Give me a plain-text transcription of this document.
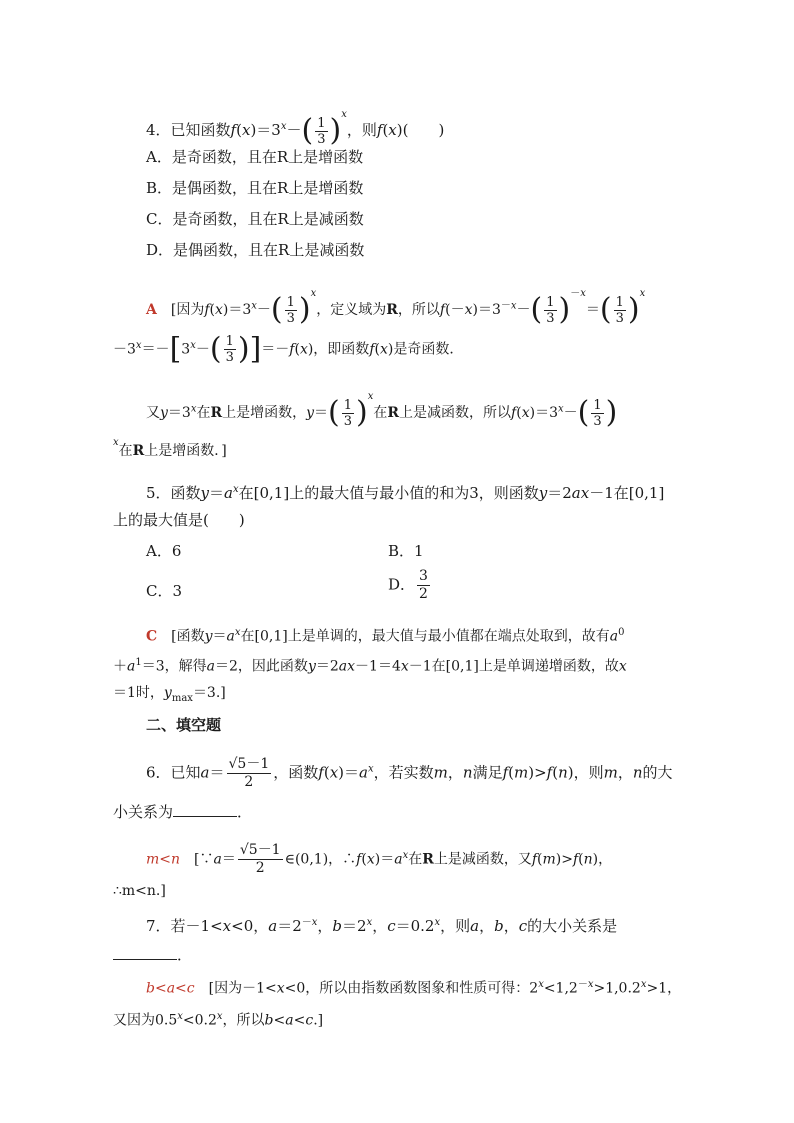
4．已知函数$f(x)=3^x-( \frac{1}{3} )^x$，则f(x)(　　)
A．是奇函数，且在R上是增函数
B．是偶函数，且在R上是增函数
C．是奇函数，且在R上是减函数
D．是偶函数，且在R上是减函数
A　[因为$f(x)=3^x-( \frac{1}{3} )^x$，定义域为R，所以$f(-x)=3^{-x}-( \frac{1}{3} )^{-x}=( \frac{1}{3} )^x$
$-3^x=-[3^x-( \frac{1}{3} )]=-f(x)$，即函数f(x)是奇函数．
又$y=3^x$在R上是增函数，$y=( \frac{1}{3} )^x$在R上是减函数，所以$f(x)=3^x-( \frac{1}{3}$ )
$^x$在R上是增函数．]
5．函数$y=a^x$在[0,1]上的最大值与最小值的和为3，则函数y＝2ax－1在[0,1]
上的最大值是(　　)
A．6	B．1
C．3	D． $\frac{3}{2}$
C　[函数$y=a^x$在[0,1]上是单调的，最大值与最小值都在端点处取到，故有$a^0$
$+a^1=3$，解得a＝2，因此函数y＝2ax－1＝4x－1在[0,1]上是单调递增函数，故x
＝1时，$y_{max}=3$.]
二、填空题
6．已知$a= \frac{√5-1}{2}$ ，函数$f(x)=a^x$，若实数m，n满足f(m)>f(n)，则m，n的大
小关系为	．
m<n　[∵a＝ $\frac{√5-1}{2}$ ∈(0,1)，$\therefore f(x)=a^x$在R上是减函数，又f(m)>f(n)，
∴m<n.]
7．若－1<x<0，$a=2^{-x}$，$b=2^x$，$c=0.2^x$，则a，b，c的大小关系是
．
b<a<c　[因为－1<x<0，所以由指数函数图象和性质可得：$2^x<1,2^{-x}>1,0.2^x>1$，
又因为$0.5^x<0.2^x$，所以b<a<c.]
